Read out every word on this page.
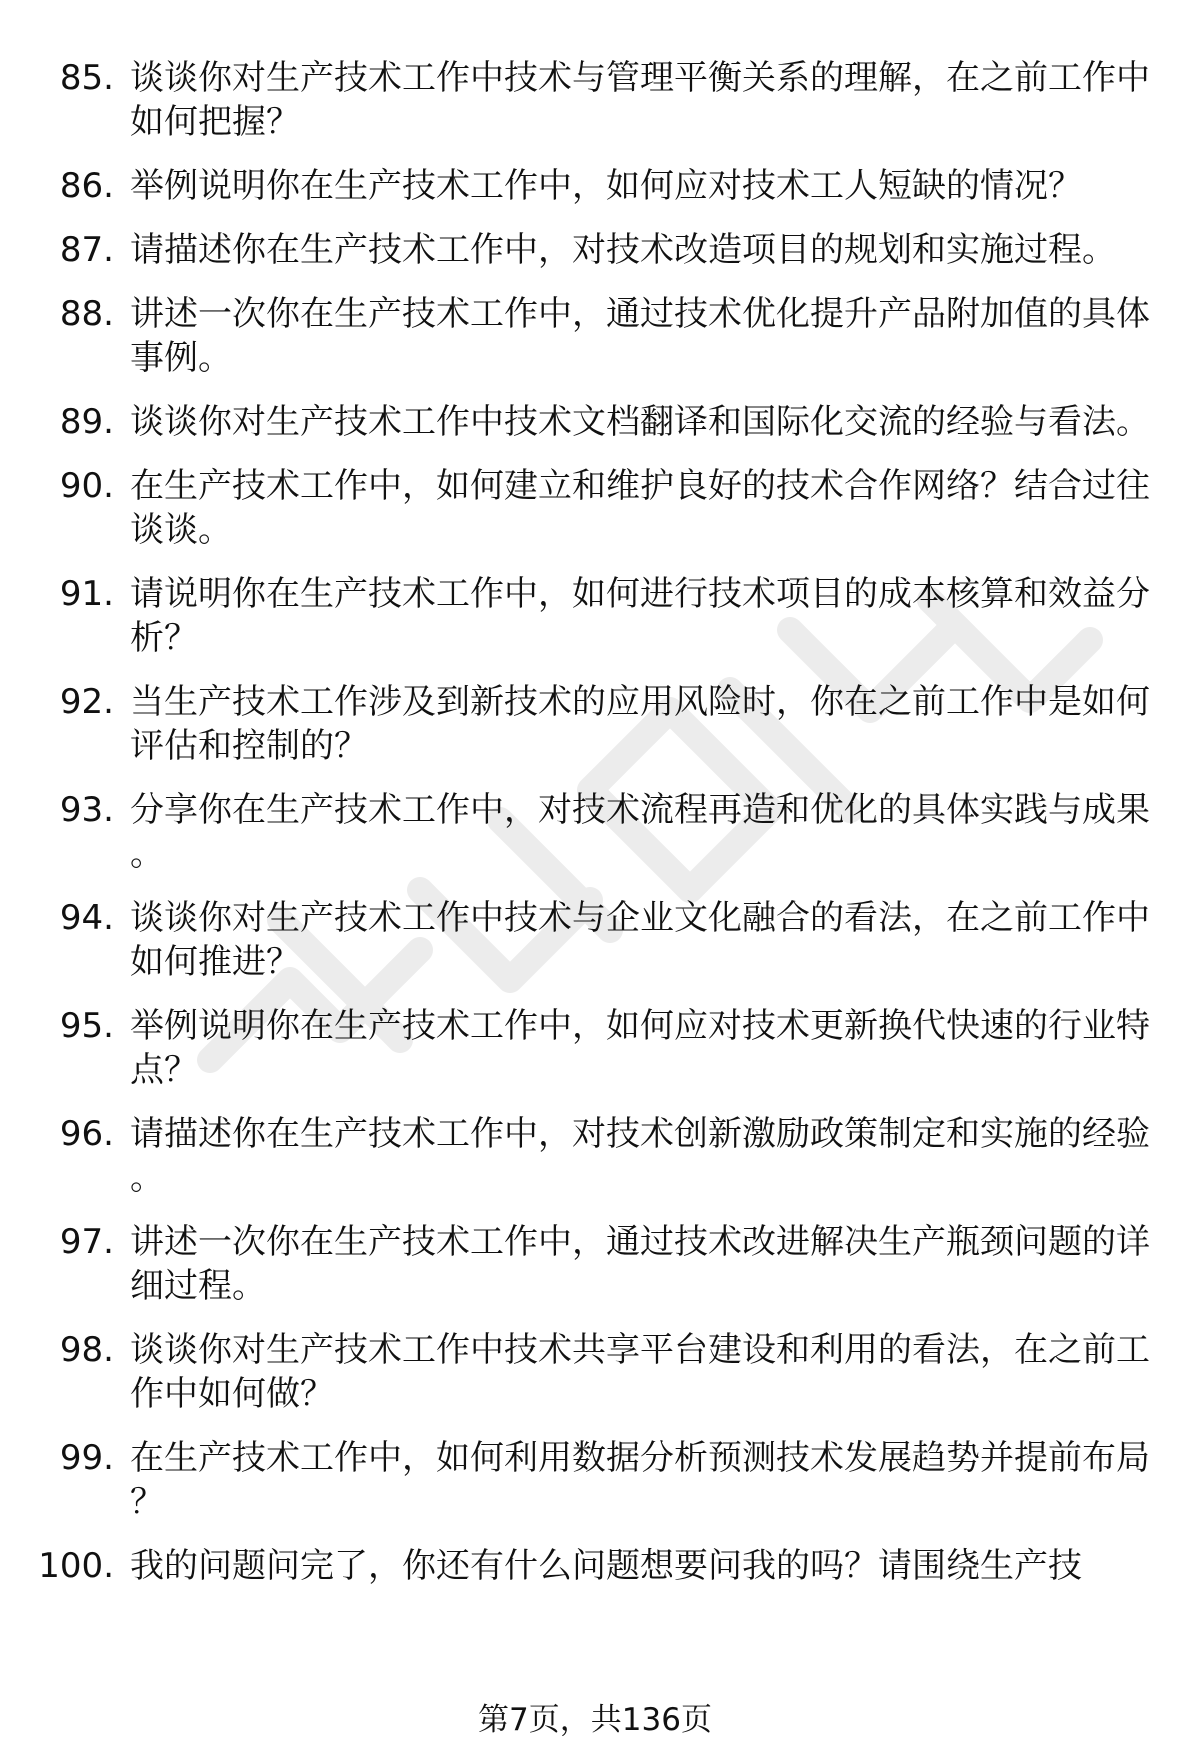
85. 谈谈你对生产技术工作中技术与管理平衡关系的理解，在之前工作中如何把握？
86. 举例说明你在生产技术工作中，如何应对技术工人短缺的情况？
87. 请描述你在生产技术工作中，对技术改造项目的规划和实施过程。
88. 讲述一次你在生产技术工作中，通过技术优化提升产品附加值的具体事例。
89. 谈谈你对生产技术工作中技术文档翻译和国际化交流的经验与看法。
90. 在生产技术工作中，如何建立和维护良好的技术合作网络？结合过往谈谈。
91. 请说明你在生产技术工作中，如何进行技术项目的成本核算和效益分析？
92. 当生产技术工作涉及到新技术的应用风险时，你在之前工作中是如何评估和控制的？
93. 分享你在生产技术工作中，对技术流程再造和优化的具体实践与成果。
94. 谈谈你对生产技术工作中技术与企业文化融合的看法，在之前工作中如何推进？
95. 举例说明你在生产技术工作中，如何应对技术更新换代快速的行业特点？
96. 请描述你在生产技术工作中，对技术创新激励政策制定和实施的经验。
97. 讲述一次你在生产技术工作中，通过技术改进解决生产瓶颈问题的详细过程。
98. 谈谈你对生产技术工作中技术共享平台建设和利用的看法，在之前工作中如何做？
99. 在生产技术工作中，如何利用数据分析预测技术发展趋势并提前布局？
100. 我的问题问完了，你还有什么问题想要问我的吗？请围绕生产技
第7页，共136页
